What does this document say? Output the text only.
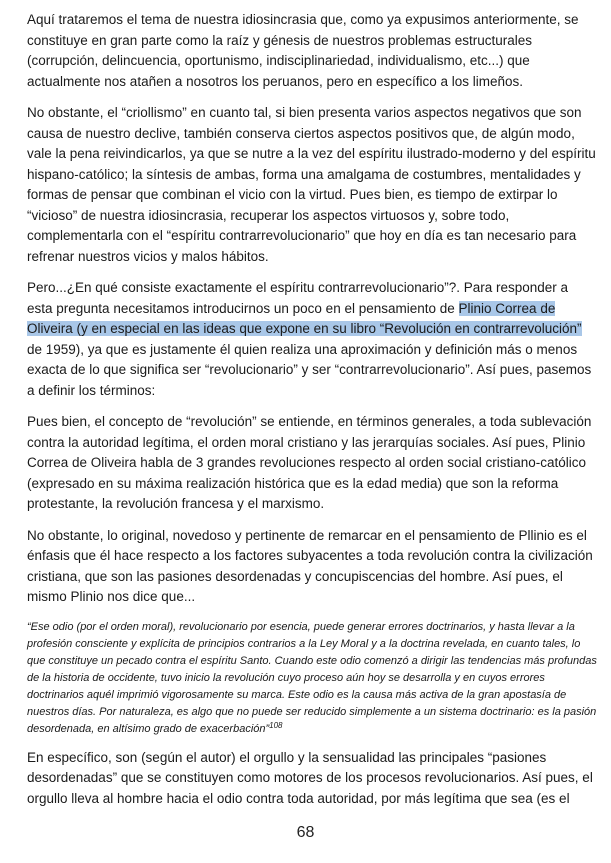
Aquí trataremos el tema de nuestra idiosincrasia que, como ya expusimos anteriormente, se constituye en gran parte como la raíz y génesis de nuestros problemas estructurales (corrupción, delincuencia, oportunismo, indisciplinariedad, individualismo, etc...) que actualmente nos atañen a nosotros los peruanos, pero en específico a los limeños.

No obstante, el “criollismo” en cuanto tal, si bien presenta varios aspectos negativos que son causa de nuestro declive, también conserva ciertos aspectos positivos que, de algún modo, vale la pena reivindicarlos, ya que se nutre a la vez del espíritu ilustrado-moderno y del espíritu hispano-católico; la síntesis de ambas, forma una amalgama de costumbres, mentalidades y formas de pensar que combinan el vicio con la virtud. Pues bien, es tiempo de extirpar lo “vicioso” de nuestra idiosincrasia, recuperar los aspectos virtuosos y, sobre todo, complementarla con el “espíritu contrarrevolucionario” que hoy en día es tan necesario para refrenar nuestros vicios y malos hábitos.

Pero...¿En qué consiste exactamente el espíritu contrarrevolucionario”?. Para responder a esta pregunta necesitamos introducirnos un poco en el pensamiento de Plinio Correa de Oliveira (y en especial en las ideas que expone en su libro “Revolución en contrarrevolución” de 1959), ya que es justamente él quien realiza una aproximación y definición más o menos exacta de lo que significa ser “revolucionario” y ser “contrarrevolucionario”. Así pues, pasemos a definir los términos:

Pues bien, el concepto de “revolución” se entiende, en términos generales, a toda sublevación contra la autoridad legítima, el orden moral cristiano y las jerarquías sociales. Así pues, Plinio Correa de Oliveira habla de 3 grandes revoluciones respecto al orden social cristiano-católico (expresado en su máxima realización histórica que es la edad media) que son la reforma protestante, la revolución francesa y el marxismo.

No obstante, lo original, novedoso y pertinente de remarcar en el pensamiento de Pllinio es el énfasis que él hace respecto a los factores subyacentes a toda revolución contra la civilización cristiana, que son las pasiones desordenadas y concupiscencias del hombre. Así pues, el mismo Plinio nos dice que...

“Ese odio (por el orden moral), revolucionario por esencia, puede generar errores doctrinarios, y hasta llevar a la profesión consciente y explícita de principios contrarios a la Ley Moral y a la doctrina revelada, en cuanto tales, lo que constituye un pecado contra el espíritu Santo. Cuando este odio comenzó a dirigir las tendencias más profundas de la historia de occidente, tuvo inicio la revolución cuyo proceso aún hoy se desarrolla y en cuyos errores doctrinarios aquél imprimió vigorosamente su marca. Este odio es la causa más activa de la gran apostasía de nuestros días. Por naturaleza, es algo que no puede ser reducido simplemente a un sistema doctrinario: es la pasión desordenada, en altísimo grado de exacerbación”$^{108}$

En específico, son (según el autor) el orgullo y la sensualidad las principales “pasiones desordenadas” que se constituyen como motores de los procesos revolucionarios. Así pues, el orgullo lleva al hombre hacia el odio contra toda autoridad, por más legítima que sea (es el

68
